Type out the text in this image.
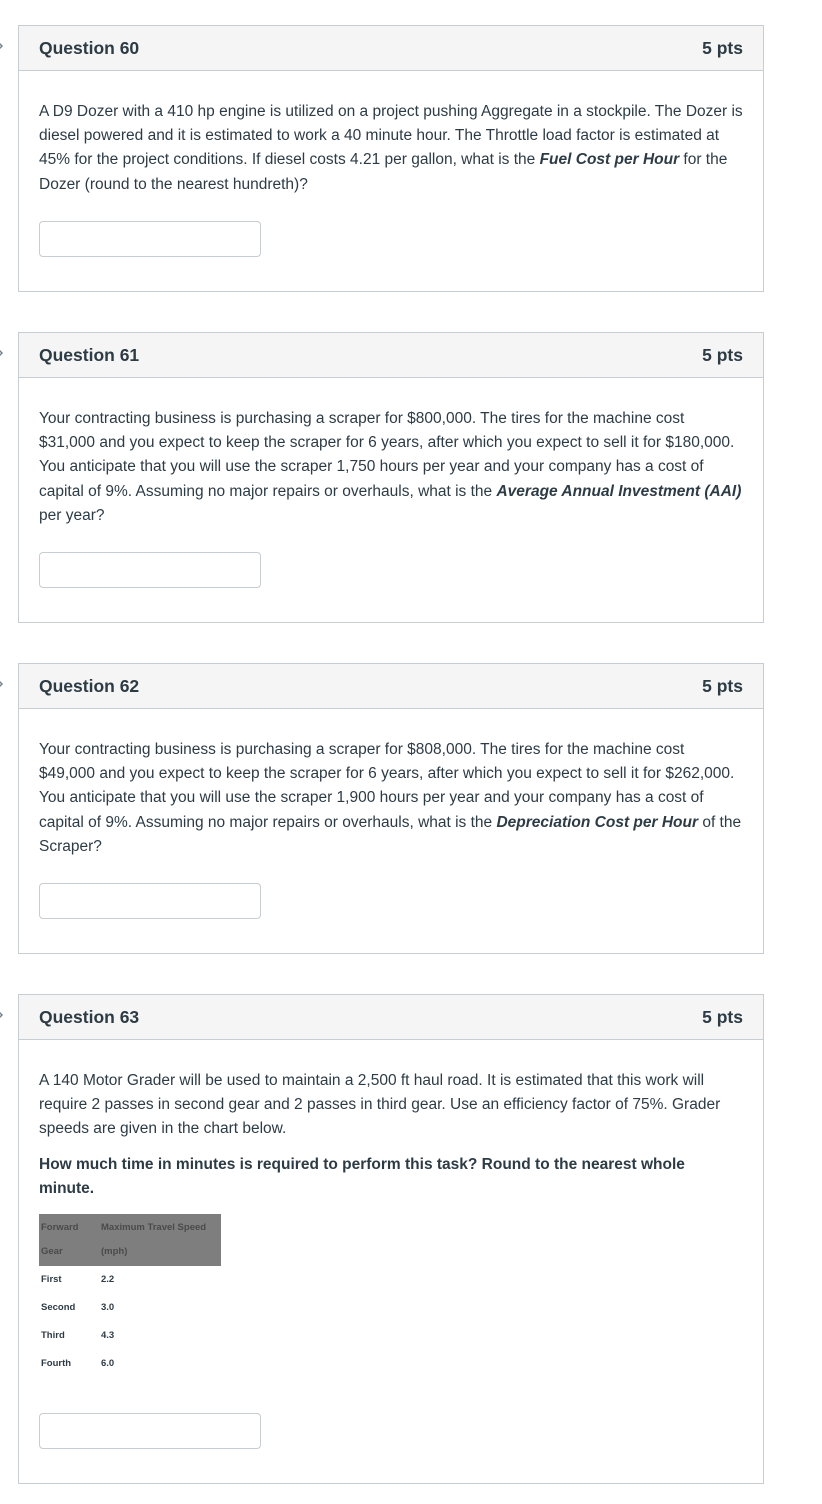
Question 60	5 pts

A D9 Dozer with a 410 hp engine is utilized on a project pushing Aggregate in a stockpile. The Dozer is diesel powered and it is estimated to work a 40 minute hour. The Throttle load factor is estimated at 45% for the project conditions. If diesel costs 4.21 per gallon, what is the Fuel Cost per Hour for the Dozer (round to the nearest hundreth)?

Question 61	5 pts

Your contracting business is purchasing a scraper for $800,000. The tires for the machine cost $31,000 and you expect to keep the scraper for 6 years, after which you expect to sell it for $180,000. You anticipate that you will use the scraper 1,750 hours per year and your company has a cost of capital of 9%. Assuming no major repairs or overhauls, what is the Average Annual Investment (AAI) per year?

Question 62	5 pts

Your contracting business is purchasing a scraper for $808,000. The tires for the machine cost $49,000 and you expect to keep the scraper for 6 years, after which you expect to sell it for $262,000. You anticipate that you will use the scraper 1,900 hours per year and your company has a cost of capital of 9%. Assuming no major repairs or overhauls, what is the Depreciation Cost per Hour of the Scraper?

Question 63	5 pts

A 140 Motor Grader will be used to maintain a 2,500 ft haul road. It is estimated that this work will require 2 passes in second gear and 2 passes in third gear. Use an efficiency factor of 75%. Grader speeds are given in the chart below.

How much time in minutes is required to perform this task? Round to the nearest whole minute.

Forward Gear	Maximum Travel Speed (mph)
First	2.2
Second	3.0
Third	4.3
Fourth	6.0
